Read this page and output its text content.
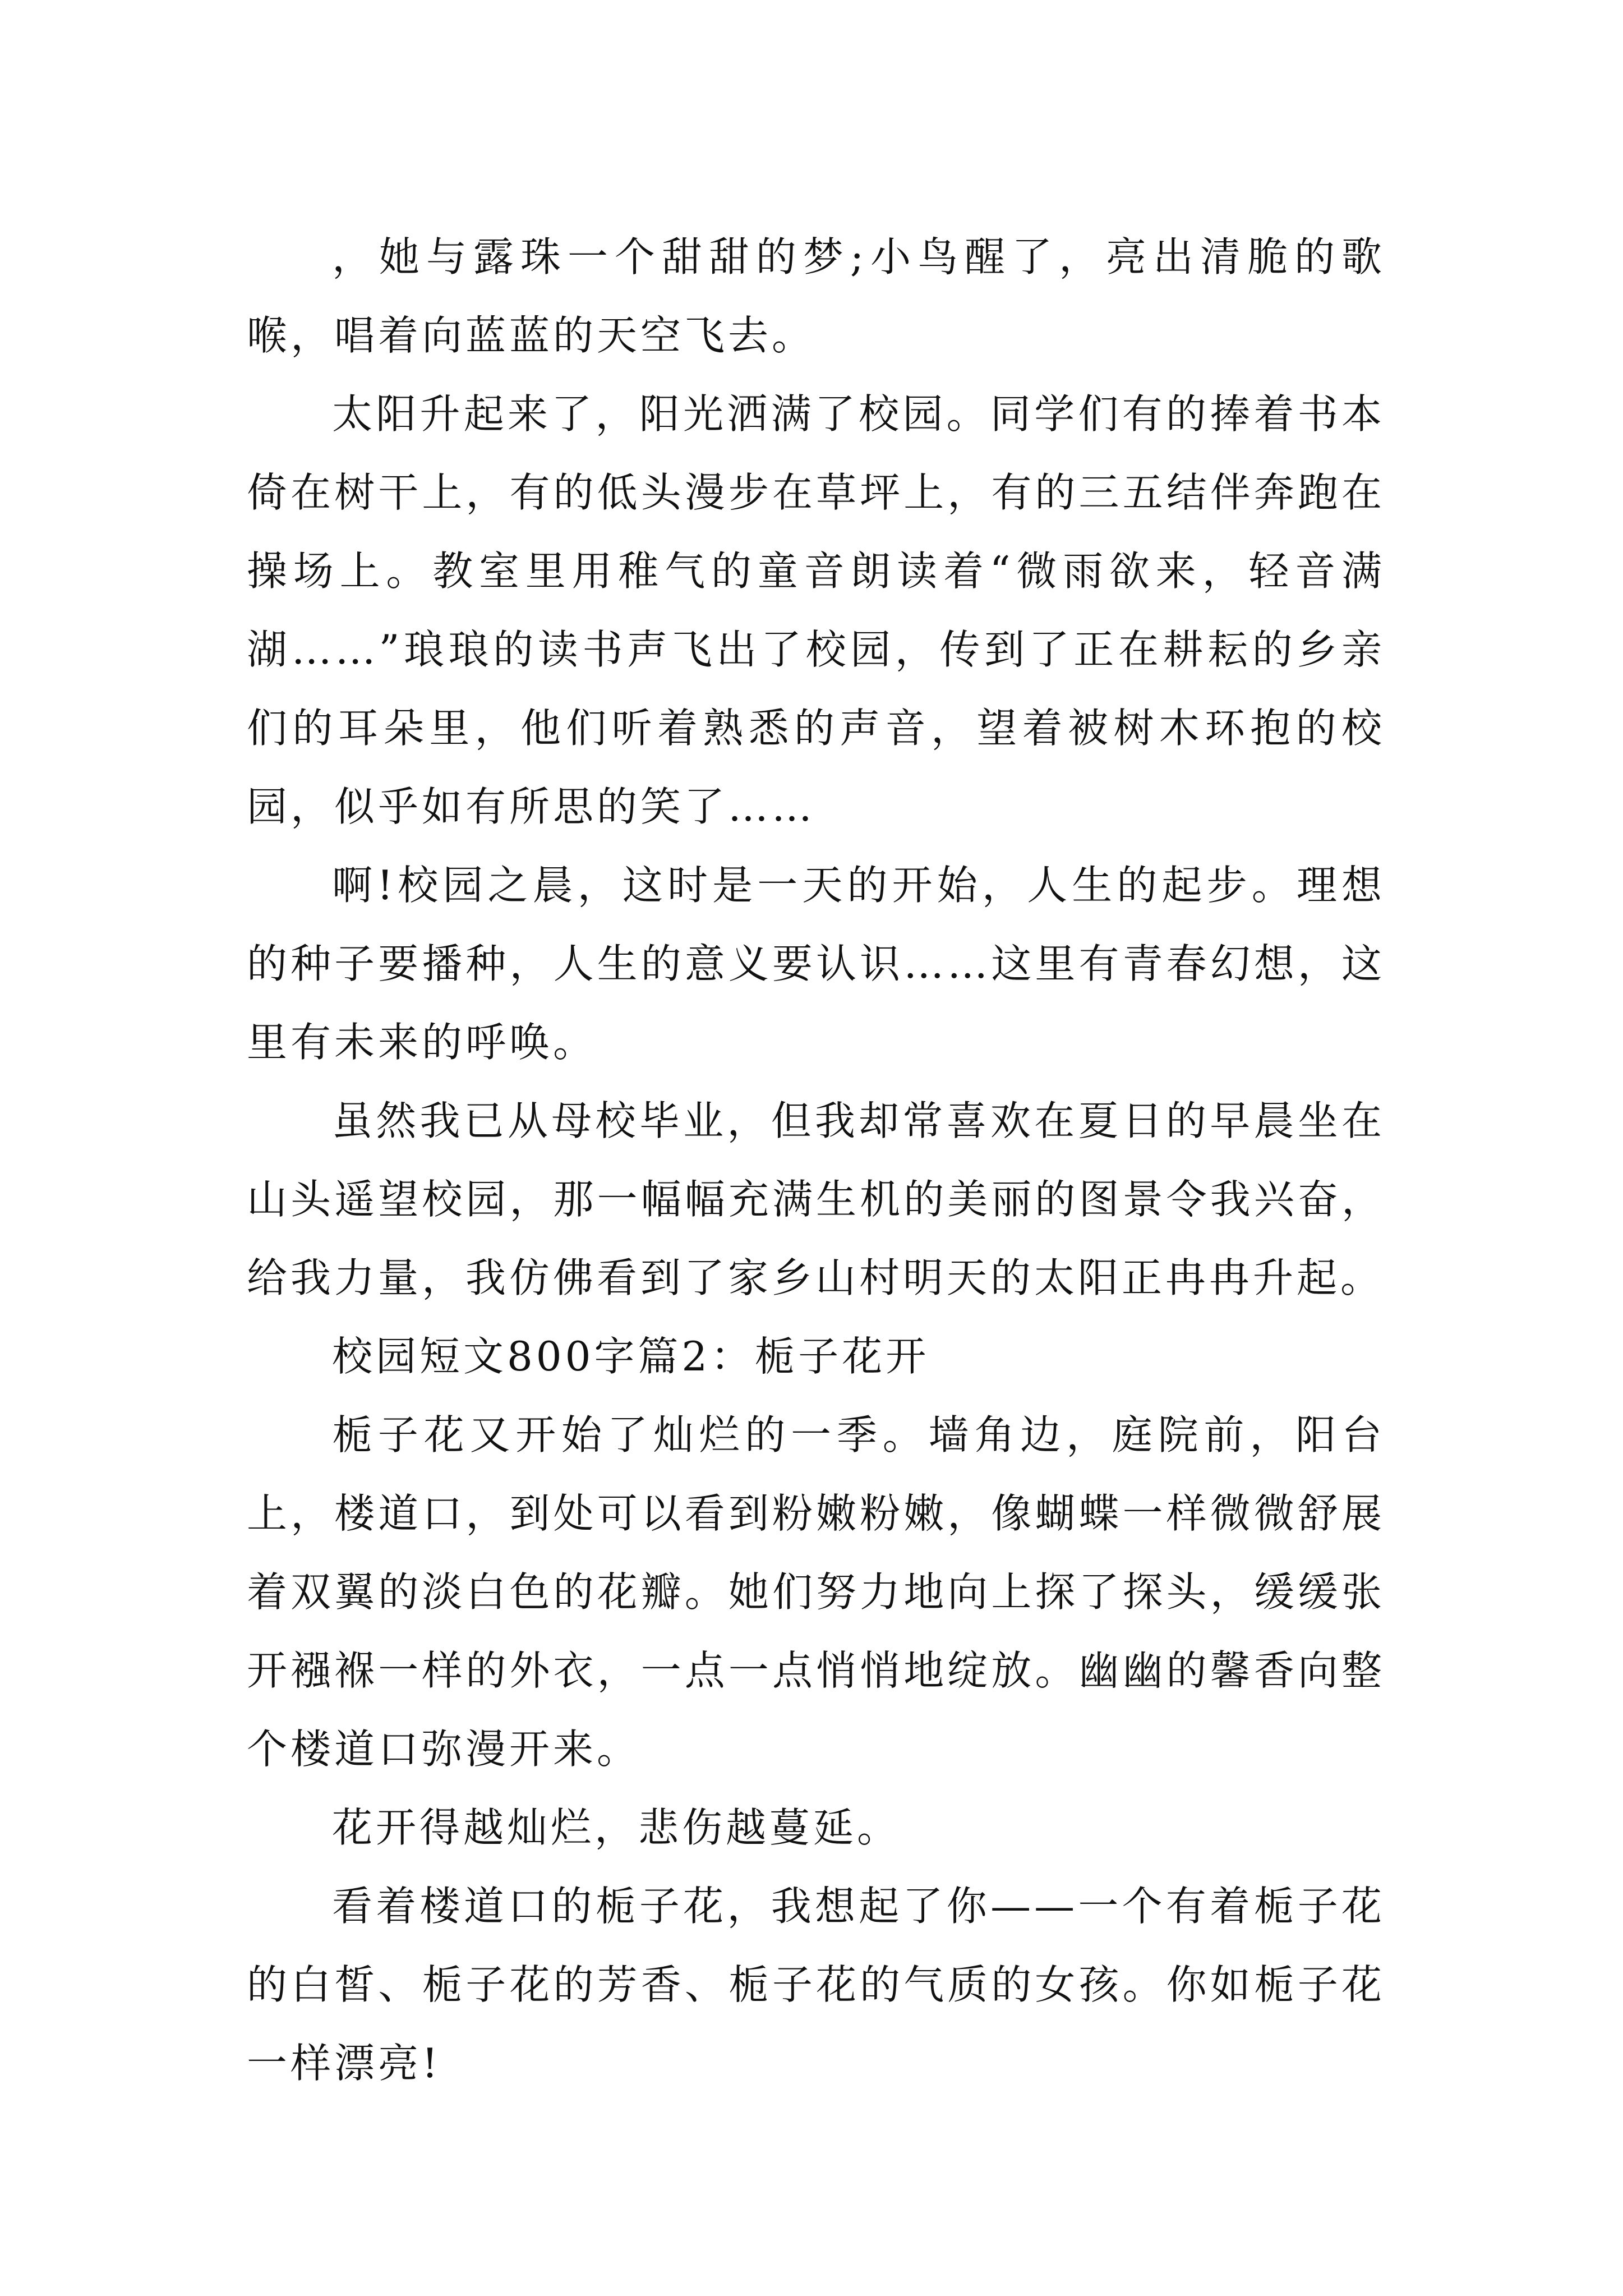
，她与露珠一个甜甜的梦;小鸟醒了，亮出清脆的歌喉，唱着向蓝蓝的天空飞去。

太阳升起来了，阳光洒满了校园。同学们有的捧着书本倚在树干上，有的低头漫步在草坪上，有的三五结伴奔跑在操场上。教室里用稚气的童音朗读着“微雨欲来，轻音满湖……”琅琅的读书声飞出了校园，传到了正在耕耘的乡亲们的耳朵里，他们听着熟悉的声音，望着被树木环抱的校园，似乎如有所思的笑了……

啊!校园之晨，这时是一天的开始，人生的起步。理想的种子要播种，人生的意义要认识……这里有青春幻想，这里有未来的呼唤。

虽然我已从母校毕业，但我却常喜欢在夏日的早晨坐在山头遥望校园，那一幅幅充满生机的美丽的图景令我兴奋，给我力量，我仿佛看到了家乡山村明天的太阳正冉冉升起。

校园短文800字篇2：栀子花开

栀子花又开始了灿烂的一季。墙角边，庭院前，阳台上，楼道口，到处可以看到粉嫩粉嫩，像蝴蝶一样微微舒展着双翼的淡白色的花瓣。她们努力地向上探了探头，缓缓张开襁褓一样的外衣，一点一点悄悄地绽放。幽幽的馨香向整个楼道口弥漫开来。

花开得越灿烂，悲伤越蔓延。

看着楼道口的栀子花，我想起了你——一个有着栀子花的白皙、栀子花的芳香、栀子花的气质的女孩。你如栀子花一样漂亮!
